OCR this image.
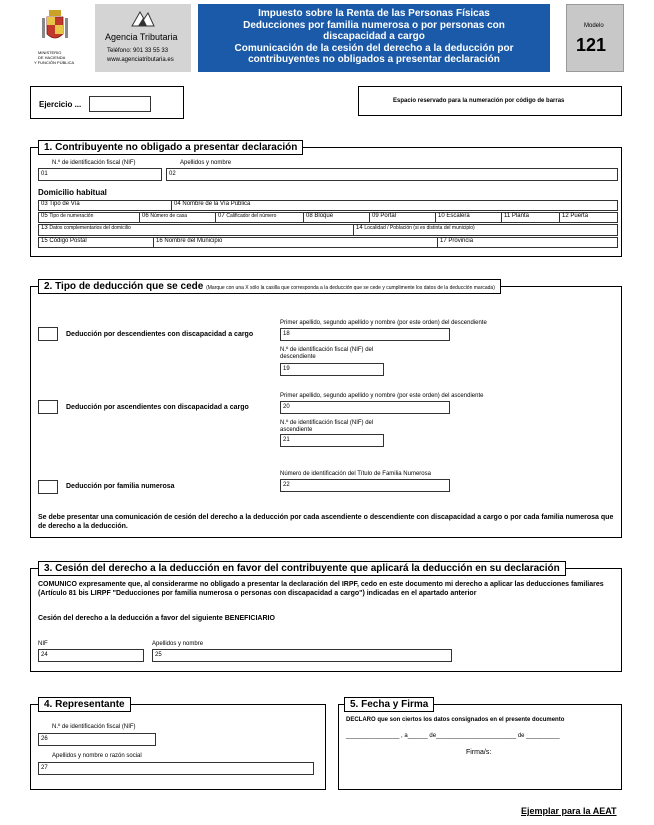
MINISTERIO
DE HACIENDA
Y FUNCIÓN PÚBLICA
Agencia Tributaria
Teléfono: 901 33 55 33
www.agenciatributaria.es
Impuesto sobre la Renta de las Personas Físicas
Deducciones por familia numerosa o por personas con
discapacidad a cargo
Comunicación de la cesión del derecho a la deducción por
contribuyentes no obligados a presentar declaración
Modelo
121
Ejercicio ...	Espacio reservado para la numeración por código de barras
1. Contribuyente no obligado a presentar declaración
N.º de identificación fiscal (NIF)	Apellidos y nombre
01	02
Domicilio habitual
03 Tipo de Vía	04 Nombre de la Vía Pública
05 Tipo de numeración	06 Número de casa	07 Calificador del número	08 Bloque	09 Portal	10 Escalera	11 Planta	12 Puerta
13 Datos complementarios del domicilio	14 Localidad / Población (si es distinta del municipio)
15 Código Postal	16 Nombre del Municipio	17 Provincia
2. Tipo de deducción que se cede (Marque con una X sólo la casilla que corresponda a la deducción que se cede y cumplimente los datos de la deducción marcada)
Deducción por descendientes con discapacidad a cargo
Primer apellido, segundo apellido y nombre (por este orden) del descendiente
18
N.º de identificación fiscal (NIF) del descendiente
19
Deducción por ascendientes con discapacidad a cargo
Primer apellido, segundo apellido y nombre (por este orden) del ascendiente
20
N.º de identificación fiscal (NIF) del ascendiente
21
Deducción por familia numerosa
Número de identificación del Título de Familia Numerosa
22
Se debe presentar una comunicación de cesión del derecho a la deducción por cada ascendiente o descendiente con discapacidad a cargo o por cada familia numerosa que de derecho a la deducción.
3. Cesión del derecho a la deducción en favor del contribuyente que aplicará la deducción en su declaración
COMUNICO expresamente que, al considerarme no obligado a presentar la declaración del IRPF, cedo en este documento mi derecho a aplicar las deducciones familiares (Artículo 81 bis LIRPF "Deducciones por familia numerosa o personas con discapacidad a cargo") indicadas en el apartado anterior
Cesión del derecho a la deducción a favor del siguiente BENEFICIARIO
NIF	Apellidos y nombre
24	25
4. Representante
N.º de identificación fiscal (NIF)
26
Apellidos y nombre o razón social
27
5. Fecha y Firma
DECLARO que son ciertos los datos consignados en el presente documento
________________ , a______ de________________________ de __________
Firma/s:
Ejemplar para la AEAT
